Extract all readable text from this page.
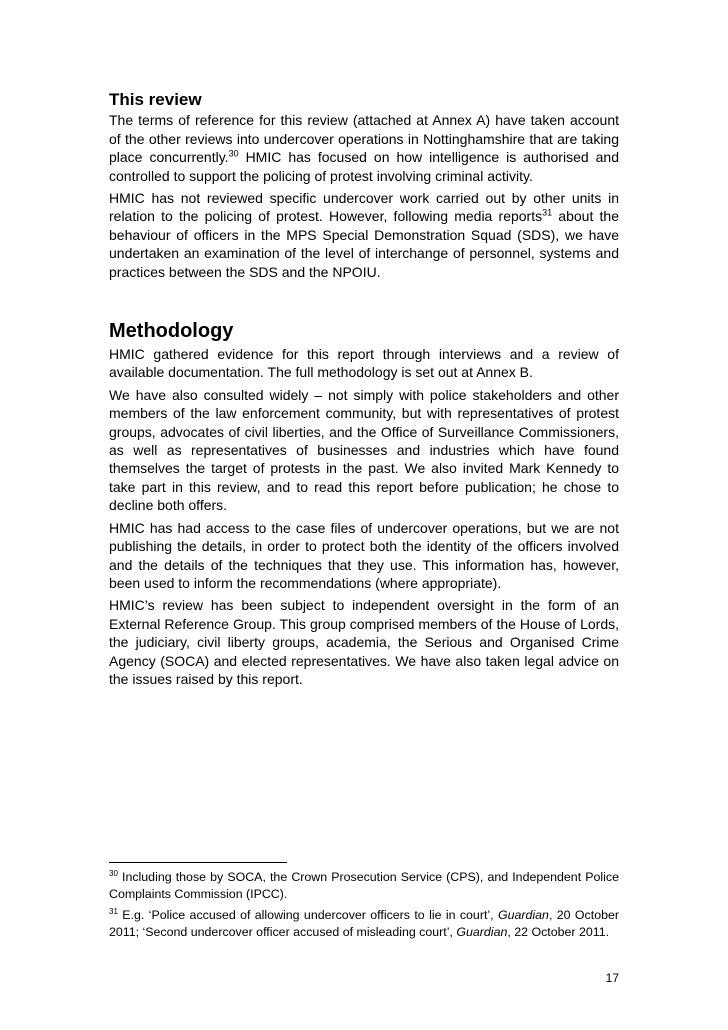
This review

The terms of reference for this review (attached at Annex A) have taken account of the other reviews into undercover operations in Nottinghamshire that are taking place concurrently.$^{30}$ HMIC has focused on how intelligence is authorised and controlled to support the policing of protest involving criminal activity.

HMIC has not reviewed specific undercover work carried out by other units in relation to the policing of protest. However, following media reports$^{31}$ about the behaviour of officers in the MPS Special Demonstration Squad (SDS), we have undertaken an examination of the level of interchange of personnel, systems and practices between the SDS and the NPOIU.

Methodology

HMIC gathered evidence for this report through interviews and a review of available documentation. The full methodology is set out at Annex B.

We have also consulted widely – not simply with police stakeholders and other members of the law enforcement community, but with representatives of protest groups, advocates of civil liberties, and the Office of Surveillance Commissioners, as well as representatives of businesses and industries which have found themselves the target of protests in the past. We also invited Mark Kennedy to take part in this review, and to read this report before publication; he chose to decline both offers.

HMIC has had access to the case files of undercover operations, but we are not publishing the details, in order to protect both the identity of the officers involved and the details of the techniques that they use. This information has, however, been used to inform the recommendations (where appropriate).

HMIC’s review has been subject to independent oversight in the form of an External Reference Group. This group comprised members of the House of Lords, the judiciary, civil liberty groups, academia, the Serious and Organised Crime Agency (SOCA) and elected representatives. We have also taken legal advice on the issues raised by this report.

$^{30}$ Including those by SOCA, the Crown Prosecution Service (CPS), and Independent Police Complaints Commission (IPCC).

$^{31}$ E.g. ‘Police accused of allowing undercover officers to lie in court’, Guardian, 20 October 2011; ‘Second undercover officer accused of misleading court’, Guardian, 22 October 2011.

17
